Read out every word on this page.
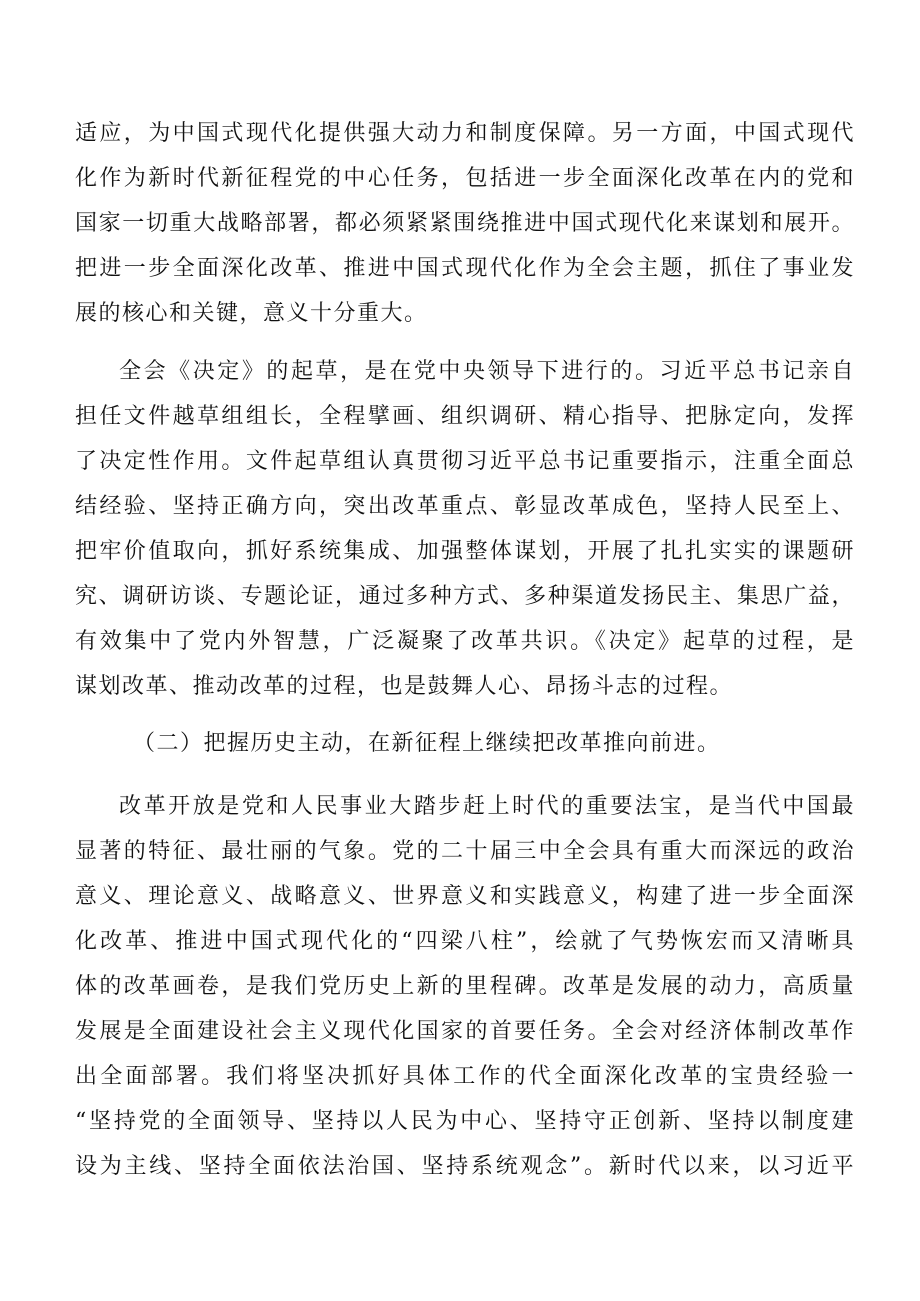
适应，为中国式现代化提供强大动力和制度保障。另一方面，中国式现代
化作为新时代新征程党的中心任务，包括进一步全面深化改革在内的党和
国家一切重大战略部署，都必须紧紧围绕推进中国式现代化来谋划和展开。
把进一步全面深化改革、推进中国式现代化作为全会主题，抓住了事业发
展的核心和关键，意义十分重大。
全会《决定》的起草，是在党中央领导下进行的。习近平总书记亲自
担任文件越草组组长，全程擘画、组织调研、精心指导、把脉定向，发挥
了决定性作用。文件起草组认真贯彻习近平总书记重要指示，注重全面总
结经验、坚持正确方向，突出改革重点、彰显改革成色，坚持人民至上、
把牢价值取向，抓好系统集成、加强整体谋划，开展了扎扎实实的课题研
究、调研访谈、专题论证，通过多种方式、多种渠道发扬民主、集思广益，
有效集中了党内外智慧，广泛凝聚了改革共识。《决定》起草的过程，是
谋划改革、推动改革的过程，也是鼓舞人心、昂扬斗志的过程。
（二）把握历史主动，在新征程上继续把改革推向前进。
改革开放是党和人民事业大踏步赶上时代的重要法宝，是当代中国最
显著的特征、最壮丽的气象。党的二十届三中全会具有重大而深远的政治
意义、理论意义、战略意义、世界意义和实践意义，构建了进一步全面深
化改革、推进中国式现代化的“四梁八柱”，绘就了气势恢宏而又清晰具
体的改革画卷，是我们党历史上新的里程碑。改革是发展的动力，高质量
发展是全面建设社会主义现代化国家的首要任务。全会对经济体制改革作
出全面部署。我们将坚决抓好具体工作的代全面深化改革的宝贵经验一
“坚持党的全面领导、坚持以人民为中心、坚持守正创新、坚持以制度建
设为主线、坚持全面依法治国、坚持系统观念”。新时代以来，以习近平
